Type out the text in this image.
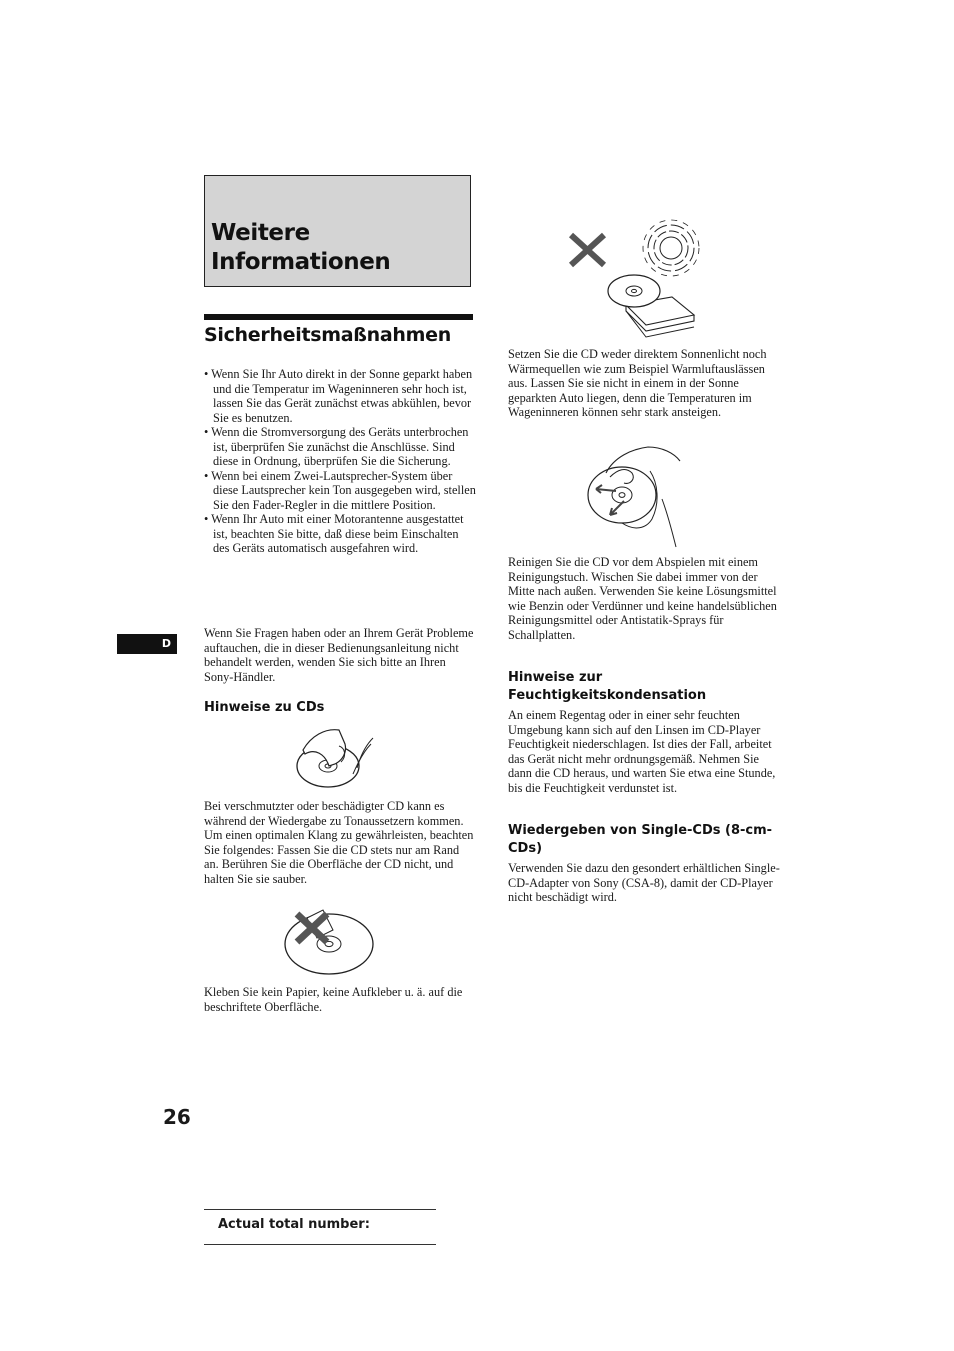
Weitere Informationen
Sicherheitsmaßnahmen
• Wenn Sie Ihr Auto direkt in der Sonne geparkt haben und die Temperatur im Wageninneren sehr hoch ist, lassen Sie das Gerät zunächst etwas abkühlen, bevor Sie es benutzen.
• Wenn die Stromversorgung des Geräts unterbrochen ist, überprüfen Sie zunächst die Anschlüsse. Sind diese in Ordnung, überprüfen Sie die Sicherung.
• Wenn bei einem Zwei-Lautsprecher-System über diese Lautsprecher kein Ton ausgegeben wird, stellen Sie den Fader-Regler in die mittlere Position.
• Wenn Ihr Auto mit einer Motorantenne ausgestattet ist, beachten Sie bitte, daß diese beim Einschalten des Geräts automatisch ausgefahren wird.

Wenn Sie Fragen haben oder an Ihrem Gerät Probleme auftauchen, die in dieser Bedienungsanleitung nicht behandelt werden, wenden Sie sich bitte an Ihren Sony-Händler.

Hinweise zu CDs

Bei verschmutzter oder beschädigter CD kann es während der Wiedergabe zu Tonaussetzern kommen. Um einen optimalen Klang zu gewährleisten, beachten Sie folgendes: Fassen Sie die CD stets nur am Rand an. Berühren Sie die Oberfläche der CD nicht, und halten Sie sie sauber.

Kleben Sie kein Papier, keine Aufkleber u. ä. auf die beschriftete Oberfläche.

Setzen Sie die CD weder direktem Sonnenlicht noch Wärmequellen wie zum Beispiel Warmluftauslässen aus. Lassen Sie sie nicht in einem in der Sonne geparkten Auto liegen, denn die Temperaturen im Wageninneren können sehr stark ansteigen.

Reinigen Sie die CD vor dem Abspielen mit einem Reinigungstuch. Wischen Sie dabei immer von der Mitte nach außen. Verwenden Sie keine Lösungsmittel wie Benzin oder Verdünner und keine handelsüblichen Reinigungsmittel oder Antistatik-Sprays für Schallplatten.

Hinweise zur Feuchtigkeitskondensation

An einem Regentag oder in einer sehr feuchten Umgebung kann sich auf den Linsen im CD-Player Feuchtigkeit niederschlagen. Ist dies der Fall, arbeitet das Gerät nicht mehr ordnungsgemäß. Nehmen Sie dann die CD heraus, und warten Sie etwa eine Stunde, bis die Feuchtigkeit verdunstet ist.

Wiedergeben von Single-CDs (8-cm-CDs)

Verwenden Sie dazu den gesondert erhältlichen Single-CD-Adapter von Sony (CSA-8), damit der CD-Player nicht beschädigt wird.

D

26

Actual total number:
